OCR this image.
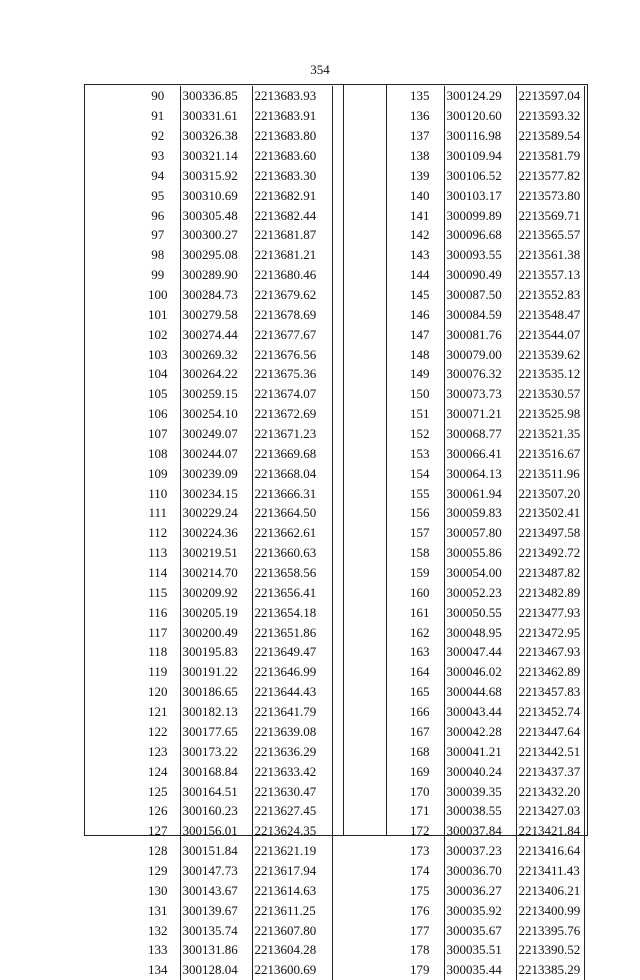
354
90	300336.85	2213683.93
91	300331.61	2213683.91
92	300326.38	2213683.80
93	300321.14	2213683.60
94	300315.92	2213683.30
95	300310.69	2213682.91
96	300305.48	2213682.44
97	300300.27	2213681.87
98	300295.08	2213681.21
99	300289.90	2213680.46
100	300284.73	2213679.62
101	300279.58	2213678.69
102	300274.44	2213677.67
103	300269.32	2213676.56
104	300264.22	2213675.36
105	300259.15	2213674.07
106	300254.10	2213672.69
107	300249.07	2213671.23
108	300244.07	2213669.68
109	300239.09	2213668.04
110	300234.15	2213666.31
111	300229.24	2213664.50
112	300224.36	2213662.61
113	300219.51	2213660.63
114	300214.70	2213658.56
115	300209.92	2213656.41
116	300205.19	2213654.18
117	300200.49	2213651.86
118	300195.83	2213649.47
119	300191.22	2213646.99
120	300186.65	2213644.43
121	300182.13	2213641.79
122	300177.65	2213639.08
123	300173.22	2213636.29
124	300168.84	2213633.42
125	300164.51	2213630.47
126	300160.23	2213627.45
127	300156.01	2213624.35
128	300151.84	2213621.19
129	300147.73	2213617.94
130	300143.67	2213614.63
131	300139.67	2213611.25
132	300135.74	2213607.80
133	300131.86	2213604.28
134	300128.04	2213600.69
135	300124.29	2213597.04
136	300120.60	2213593.32
137	300116.98	2213589.54
138	300109.94	2213581.79
139	300106.52	2213577.82
140	300103.17	2213573.80
141	300099.89	2213569.71
142	300096.68	2213565.57
143	300093.55	2213561.38
144	300090.49	2213557.13
145	300087.50	2213552.83
146	300084.59	2213548.47
147	300081.76	2213544.07
148	300079.00	2213539.62
149	300076.32	2213535.12
150	300073.73	2213530.57
151	300071.21	2213525.98
152	300068.77	2213521.35
153	300066.41	2213516.67
154	300064.13	2213511.96
155	300061.94	2213507.20
156	300059.83	2213502.41
157	300057.80	2213497.58
158	300055.86	2213492.72
159	300054.00	2213487.82
160	300052.23	2213482.89
161	300050.55	2213477.93
162	300048.95	2213472.95
163	300047.44	2213467.93
164	300046.02	2213462.89
165	300044.68	2213457.83
166	300043.44	2213452.74
167	300042.28	2213447.64
168	300041.21	2213442.51
169	300040.24	2213437.37
170	300039.35	2213432.20
171	300038.55	2213427.03
172	300037.84	2213421.84
173	300037.23	2213416.64
174	300036.70	2213411.43
175	300036.27	2213406.21
176	300035.92	2213400.99
177	300035.67	2213395.76
178	300035.51	2213390.52
179	300035.44	2213385.29
